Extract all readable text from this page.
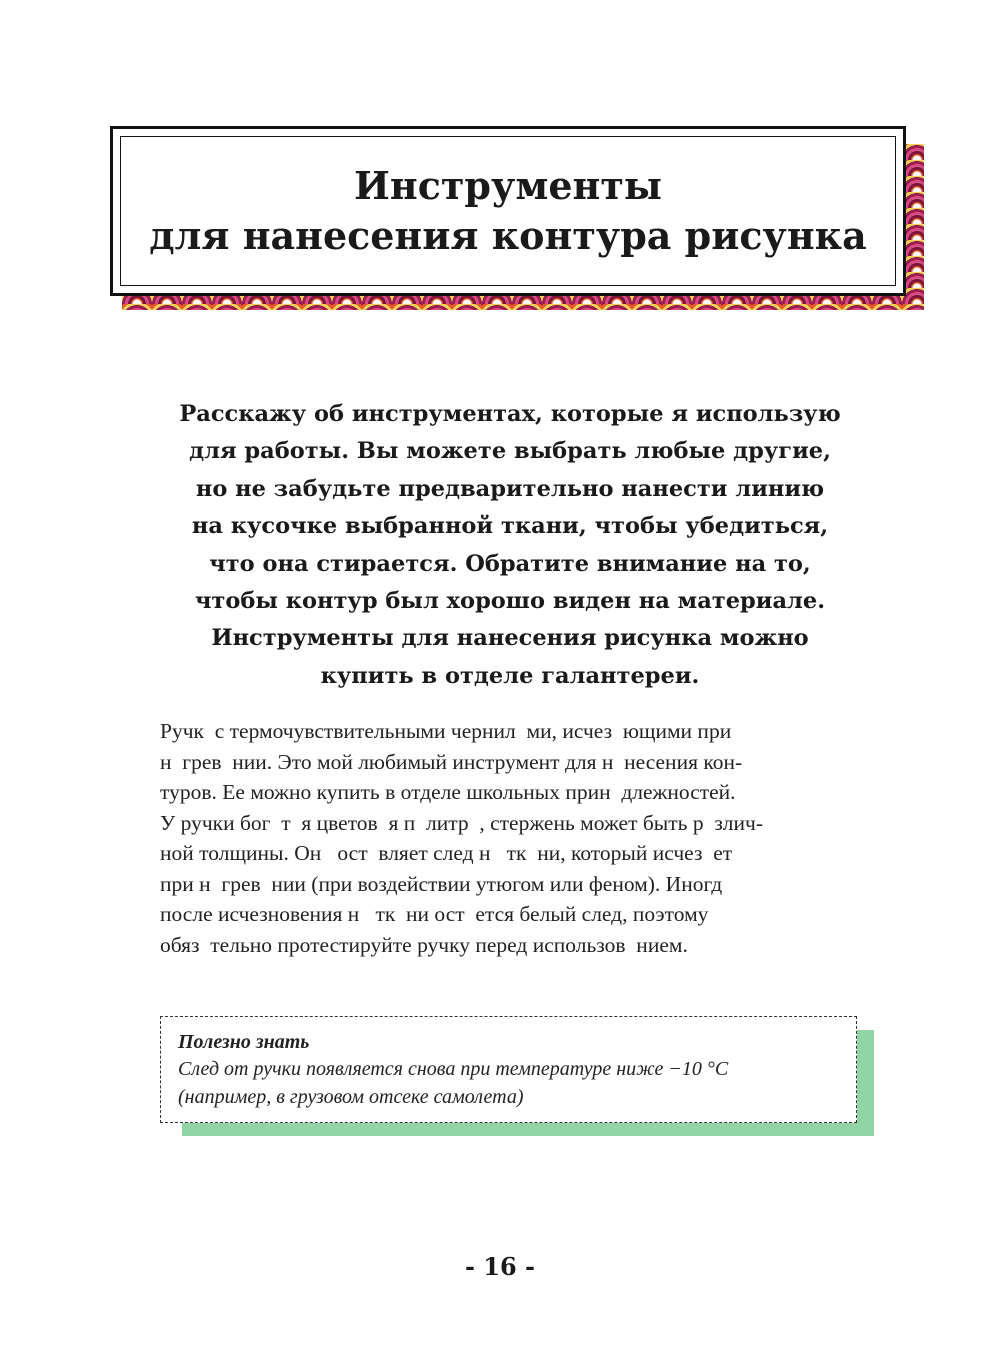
Инструменты
для нанесения контура рисунка

Расскажу об инструментах, которые я использую
для работы. Вы можете выбрать любые другие,
но не забудьте предварительно нанести линию
на кусочке выбранной ткани, чтобы убедиться,
что она стирается. Обратите внимание на то,
чтобы контур был хорошо виден на материале.
Инструменты для нанесения рисунка можно
купить в отделе галантереи.

Ручк  с термочувствительными чернил  ми, исчез  ющими при
н  грев  нии. Это мой любимый инструмент для н  несения кон-
туров. Ее можно купить в отделе школьных прин  длежностей.
У ручки бог  т  я цветов  я п  литр  , стержень может быть р  злич-
ной толщины. Он   ост  вляет след н   тк  ни, который исчез  ет
при н  грев  нии (при воздействии утюгом или феном). Иногд
после исчезновения н   тк  ни ост  ется белый след, поэтому
обяз  тельно протестируйте ручку перед использов  нием.

Полезно знать
След от ручки появляется снова при температуре ниже −10 °С
(например, в грузовом отсеке самолета)
- 16 -
